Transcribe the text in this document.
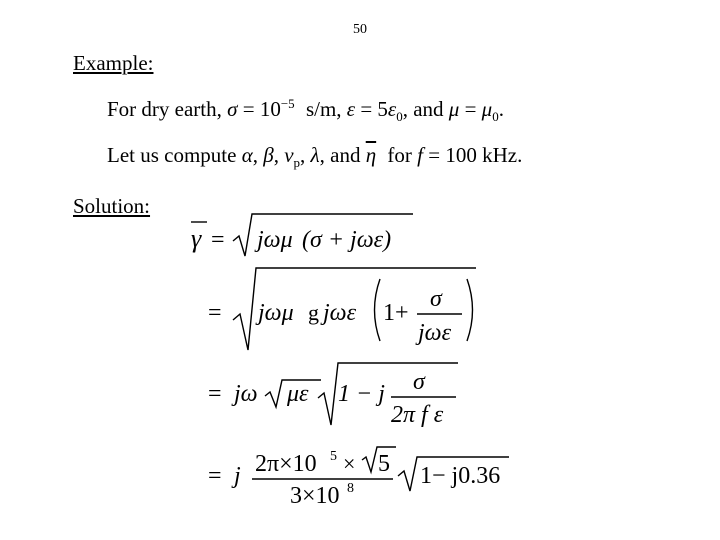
50
Example:
For dry earth, $\sigma = 10^{-5}$ s/m, $\varepsilon = 5\varepsilon_0$, and $\mu = \mu_0$.
Let us compute α, β, $v_p$, λ, and $\overline{\eta}$ for f = 100 kHz.
Solution:
γ = jωμ (σ + jωε)
= jωμ g jωε 1+
σ
jωε
= jω με 1 − j σ
2π f ε
= j 2π×10 5 × 5
3×10 8	1− j0.36
